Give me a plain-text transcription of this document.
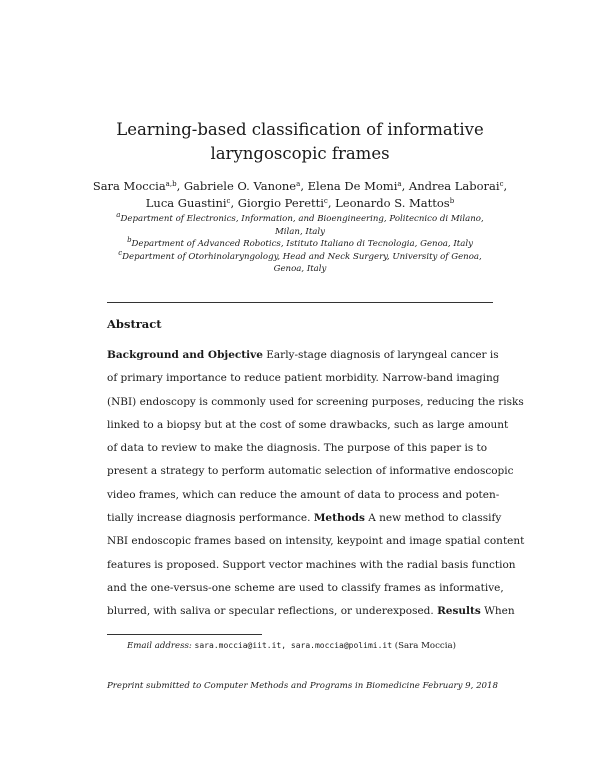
Learning-based classification of informative
laryngoscopic frames
Sara Moccia$^{a,b}$, Gabriele O. Vanone$^a$, Elena De Momi$^a$, Andrea Laborai$^c$,
Luca Guastini$^c$, Giorgio Peretti$^c$, Leonardo S. Mattos$^b$
$^a$Department of Electronics, Information, and Bioengineering, Politecnico di Milano,
Milan, Italy
$^b$Department of Advanced Robotics, Istituto Italiano di Tecnologia, Genoa, Italy
$^c$Department of Otorhinolaryngology, Head and Neck Surgery, University of Genoa,
Genoa, Italy
Abstract
Background and Objective Early-stage diagnosis of laryngeal cancer is
of primary importance to reduce patient morbidity. Narrow-band imaging
(NBI) endoscopy is commonly used for screening purposes, reducing the risks
linked to a biopsy but at the cost of some drawbacks, such as large amount
of data to review to make the diagnosis. The purpose of this paper is to
present a strategy to perform automatic selection of informative endoscopic
video frames, which can reduce the amount of data to process and poten-
tially increase diagnosis performance. Methods A new method to classify
NBI endoscopic frames based on intensity, keypoint and image spatial content
features is proposed. Support vector machines with the radial basis function
and the one-versus-one scheme are used to classify frames as informative,
blurred, with saliva or specular reflections, or underexposed. Results When
Email address: sara.moccia@iit.it, sara.moccia@polimi.it (Sara Moccia)
Preprint submitted to Computer Methods and Programs in Biomedicine February 9, 2018
